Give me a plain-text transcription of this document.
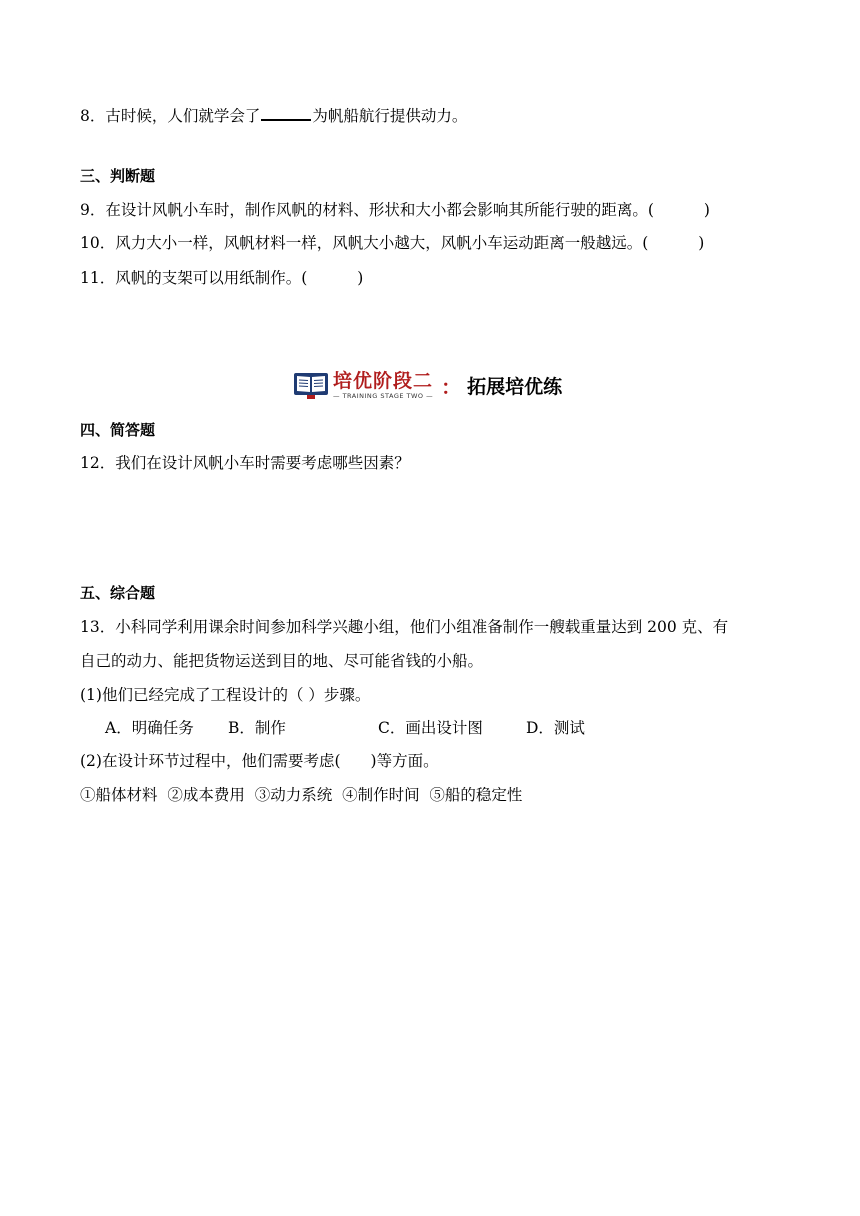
8．古时候，人们就学会了	为帆船航行提供动力。
三、判断题
9．在设计风帆小车时，制作风帆的材料、形状和大小都会影响其所能行驶的距离。(	)
10．风力大小一样，风帆材料一样，风帆大小越大，风帆小车运动距离一般越远。(	)
11．风帆的支架可以用纸制作。(	)
培优阶段二
— TRAINING STAGE TWO — ： 拓展培优练
四、简答题
12．我们在设计风帆小车时需要考虑哪些因素？
五、综合题
13．小科同学利用课余时间参加科学兴趣小组，他们小组准备制作一艘载重量达到 200 克、有
自己的动力、能把货物运送到目的地、尽可能省钱的小船。
(1)他们已经完成了工程设计的（ ）步骤。
A．明确任务 B．制作	C．画出设计图	D．测试
(2)在设计环节过程中，他们需要考虑( )等方面。
①船体材料  ②成本费用  ③动力系统  ④制作时间  ⑤船的稳定性
